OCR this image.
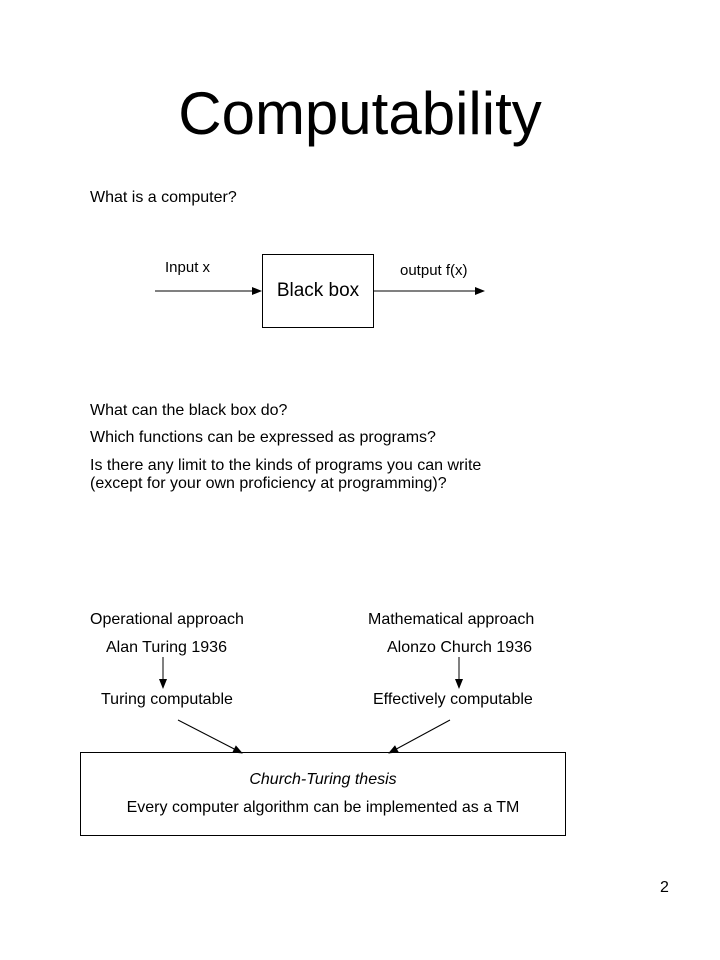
Computability
What is a computer?
Input x
Black box
output f(x)
What can the black box do?
Which functions can be expressed as programs?
Is there any limit to the kinds of programs you can write
(except for your own proficiency at programming)?
Operational approach
Alan Turing 1936
Turing computable
Mathematical approach
Alonzo Church 1936
Effectively computable
Church-Turing thesis
Every computer algorithm can be implemented as a TM
2
